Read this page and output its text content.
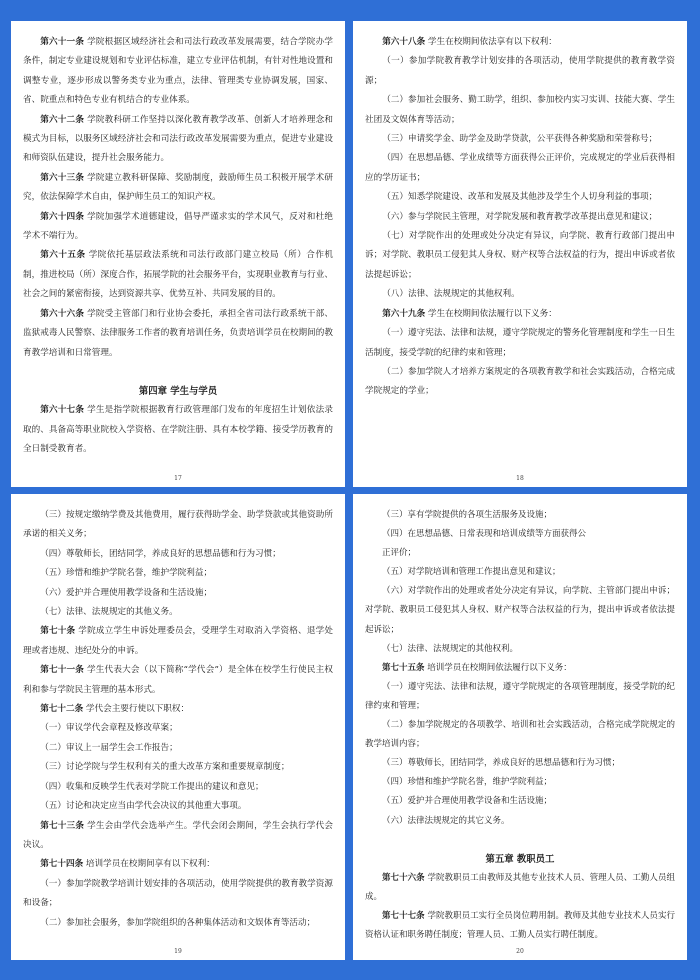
第六十一条 学院根据区域经济社会和司法行政改革发展需要，结合学院办学条件，制定专业建设规划和专业评估标准，建立专业评估机制，有针对性地设置和调整专业，逐步形成以警务类专业为重点，法律、管理类专业协调发展，国家、省、院重点和特色专业有机结合的专业体系。

第六十二条 学院教科研工作坚持以深化教育教学改革、创新人才培养理念和模式为目标，以服务区域经济社会和司法行政改革发展需要为重点，促进专业建设和师资队伍建设，提升社会服务能力。

第六十三条 学院建立教科研保障、奖励制度，鼓励师生员工积极开展学术研究，依法保障学术自由，保护师生员工的知识产权。

第六十四条 学院加强学术道德建设，倡导严谨求实的学术风气，反对和杜绝学术不端行为。

第六十五条 学院依托基层政法系统和司法行政部门建立校局（所）合作机制，推进校局（所）深度合作，拓展学院的社会服务平台，实现职业教育与行业、社会之间的紧密衔接，达到资源共享、优势互补、共同发展的目的。

第六十六条 学院受主管部门和行业协会委托，承担全省司法行政系统干部、监狱戒毒人民警察、法律服务工作者的教育培训任务，负责培训学员在校期间的教育教学培训和日常管理。

第四章 学生与学员

第六十七条 学生是指学院根据教育行政管理部门发布的年度招生计划依法录取的、具备高等职业院校入学资格、在学院注册、具有本校学籍、接受学历教育的全日制受教育者。

17

第六十八条 学生在校期间依法享有以下权利：

（一）参加学院教育教学计划安排的各项活动，使用学院提供的教育教学资源；

（二）参加社会服务、勤工助学，组织、参加校内实习实训、技能大赛、学生社团及文娱体育等活动；

（三）申请奖学金、助学金及助学贷款，公平获得各种奖励和荣誉称号；

（四）在思想品德、学业成绩等方面获得公正评价，完成规定的学业后获得相应的学历证书；

（五）知悉学院建设、改革和发展及其他涉及学生个人切身利益的事项；

（六）参与学院民主管理，对学院发展和教育教学改革提出意见和建议；

（七）对学院作出的处理或处分决定有异议，向学院、教育行政部门提出申诉；对学院、教职员工侵犯其人身权、财产权等合法权益的行为，提出申诉或者依法提起诉讼；

（八）法律、法规规定的其他权利。

第六十九条 学生在校期间依法履行以下义务：

（一）遵守宪法、法律和法规，遵守学院规定的警务化管理制度和学生一日生活制度，接受学院的纪律约束和管理；

（二）参加学院人才培养方案规定的各项教育教学和社会实践活动，合格完成学院规定的学业；

18

（三）按规定缴纳学费及其他费用，履行获得助学金、助学贷款或其他资助所承诺的相关义务；

（四）尊敬师长，团结同学，养成良好的思想品德和行为习惯；

（五）珍惜和维护学院名誉，维护学院利益；

（六）爱护并合理使用教学设备和生活设施；

（七）法律、法规规定的其他义务。

第七十条 学院成立学生申诉处理委员会，受理学生对取消入学资格、退学处理或者违规、违纪处分的申诉。

第七十一条 学生代表大会（以下简称“学代会”）是全体在校学生行使民主权利和参与学院民主管理的基本形式。

第七十二条 学代会主要行使以下职权：

（一）审议学代会章程及修改草案；

（二）审议上一届学生会工作报告；

（三）讨论学院与学生权利有关的重大改革方案和重要规章制度；

（四）收集和反映学生代表对学院工作提出的建议和意见；

（五）讨论和决定应当由学代会决议的其他重大事项。

第七十三条 学生会由学代会选举产生。学代会闭会期间，学生会执行学代会决议。

第七十四条 培训学员在校期间享有以下权利：

（一）参加学院教学培训计划安排的各项活动，使用学院提供的教育教学资源和设备；

（二）参加社会服务，参加学院组织的各种集体活动和文娱体育等活动；

19

（三）享有学院提供的各项生活服务及设施；

（四）在思想品德、日常表现和培训成绩等方面获得公

正评价；

（五）对学院培训和管理工作提出意见和建议；

（六）对学院作出的处理或者处分决定有异议，向学院、主管部门提出申诉；对学院、教职员工侵犯其人身权、财产权等合法权益的行为，提出申诉或者依法提起诉讼；

（七）法律、法规规定的其他权利。

第七十五条 培训学员在校期间依法履行以下义务：

（一）遵守宪法、法律和法规，遵守学院规定的各项管理制度，接受学院的纪律约束和管理；

（二）参加学院规定的各项教学、培训和社会实践活动，合格完成学院规定的教学培训内容；

（三）尊敬师长，团结同学，养成良好的思想品德和行为习惯；

（四）珍惜和维护学院名誉，维护学院利益；

（五）爱护并合理使用教学设备和生活设施；

（六）法律法规规定的其它义务。

第五章 教职员工

第七十六条 学院教职员工由教师及其他专业技术人员、管理人员、工勤人员组成。

第七十七条 学院教职员工实行全员岗位聘用制。教师及其他专业技术人员实行资格认证和职务聘任制度；管理人员、工勤人员实行聘任制度。

20
